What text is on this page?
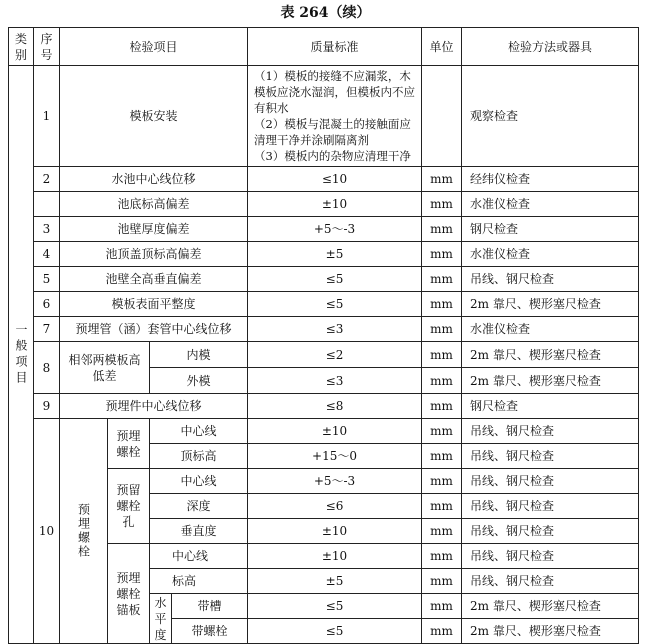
表 264（续）
类别	序号	检验项目				质量标准	单位	检验方法或器具
一般项目	1	模板安装				（1）模板的接缝不应漏浆，木模板应浇水湿润，但模板内不应有积水
（2）模板与混凝土的接触面应清理干净并涂刷隔离剂
（3）模板内的杂物应清理干净		观察检查
	2	水池中心线位移				≤10	mm	经纬仪检查
		池底标高偏差				±10	mm	水准仪检查
	3	池壁厚度偏差				+5～-3	mm	钢尺检查
	4	池顶盖顶标高偏差				±5	mm	水准仪检查
	5	池壁全高垂直偏差				≤5	mm	吊线、钢尺检查
	6	模板表面平整度				≤5	mm	2m 靠尺、楔形塞尺检查
	7	预埋管（涵）套管中心线位移				≤3	mm	水准仪检查
	8	相邻两模板高低差		内模		≤2	mm	2m 靠尺、楔形塞尺检查
				外模		≤3	mm	2m 靠尺、楔形塞尺检查
	9	预埋件中心线位移				≤8	mm	钢尺检查
	10	预埋螺栓	预埋螺栓	中心线		±10	mm	吊线、钢尺检查
				顶标高		+15～0	mm	吊线、钢尺检查
			预留螺栓孔	中心线		+5～-3	mm	吊线、钢尺检查
				深度		≤6	mm	吊线、钢尺检查
				垂直度		±10	mm	吊线、钢尺检查
			预埋螺栓锚板	中心线		±10	mm	吊线、钢尺检查
				标高		±5	mm	吊线、钢尺检查
				水平度	带槽	≤5	mm	2m 靠尺、楔形塞尺检查
					带螺栓	≤5	mm	2m 靠尺、楔形塞尺检查
